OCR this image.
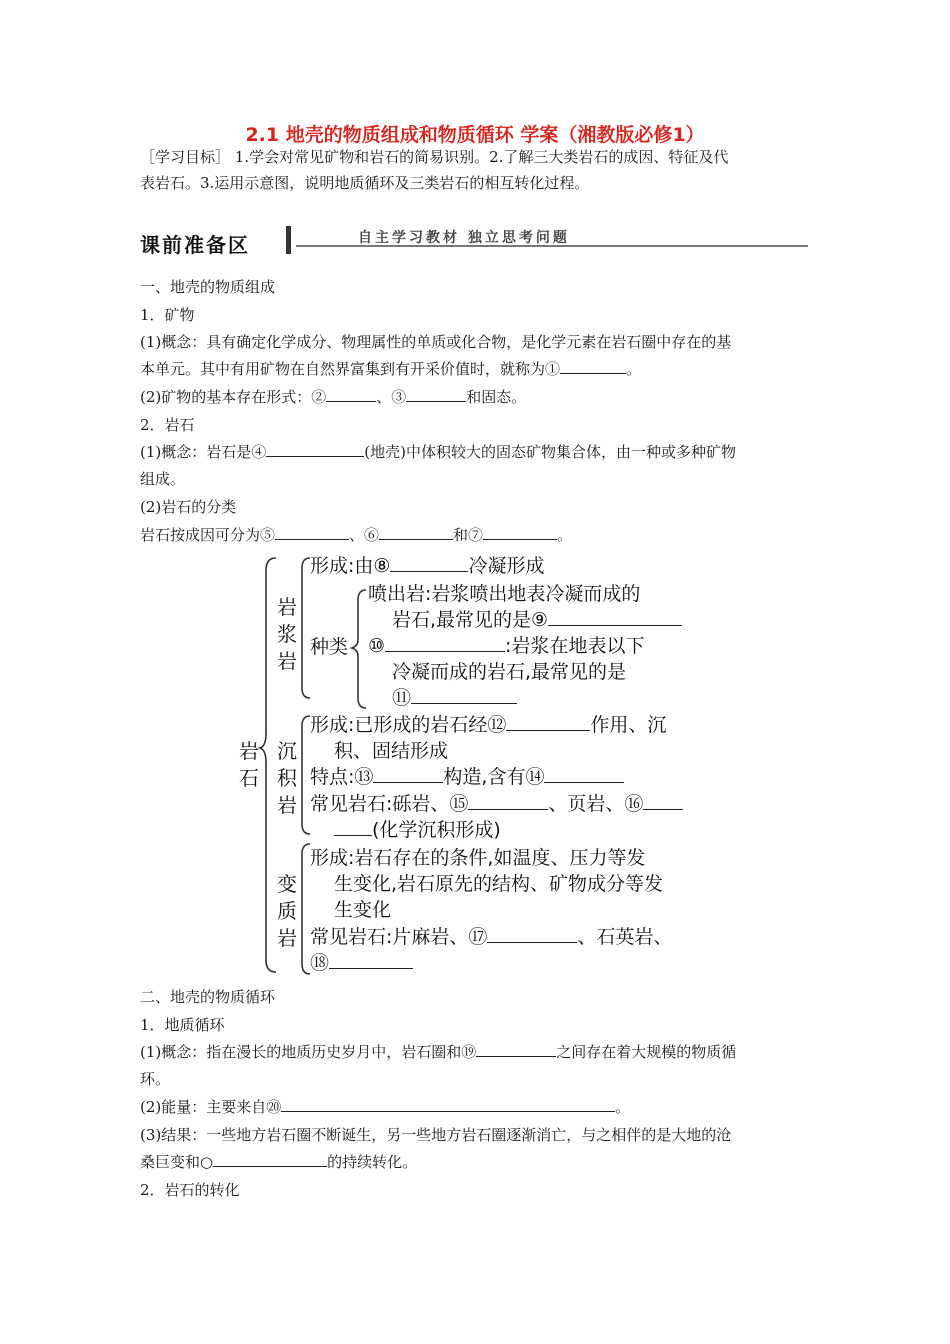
2.1 地壳的物质组成和物质循环 学案（湘教版必修1）
［学习目标］ 1.学会对常见矿物和岩石的简易识别。2.了解三大类岩石的成因、特征及代
表岩石。3.运用示意图，说明地质循环及三类岩石的相互转化过程。
课前准备区	自主学习教材 独立思考问题
一、地壳的物质组成
1．矿物
(1)概念：具有确定化学成分、物理属性的单质或化合物，是化学元素在岩石圈中存在的基
本单元。其中有用矿物在自然界富集到有开采价值时，就称为①	。
(2)矿物的基本存在形式：②	、③	和固态。
2．岩石
(1)概念：岩石是④	(地壳)中体积较大的固态矿物集合体，由一种或多种矿物
组成。
(2)岩石的分类
岩石按成因可分为⑤	、⑥	和⑦	。
岩石
岩浆岩
形成:由⑧	冷凝形成
种类
喷出岩:岩浆喷出地表冷凝而成的
岩石,最常见的是⑨
⑩	:岩浆在地表以下
冷凝而成的岩石,最常见的是
⑪
沉积岩
形成:已形成的岩石经⑫	作用、沉
积、固结形成
特点:⑬	构造,含有⑭
常见岩石:砾岩、⑮	、页岩、⑯
(化学沉积形成)
变质岩
形成:岩石存在的条件,如温度、压力等发
生变化,岩石原先的结构、矿物成分等发
生变化
常见岩石:片麻岩、⑰	、石英岩、
⑱
二、地壳的物质循环
1．地质循环
(1)概念：指在漫长的地质历史岁月中，岩石圈和⑲	之间存在着大规模的物质循
环。
(2)能量：主要来自⑳	。
(3)结果：一些地方岩石圈不断诞生，另一些地方岩石圈逐渐消亡，与之相伴的是大地的沧
桑巨变和○	的持续转化。
2．岩石的转化
